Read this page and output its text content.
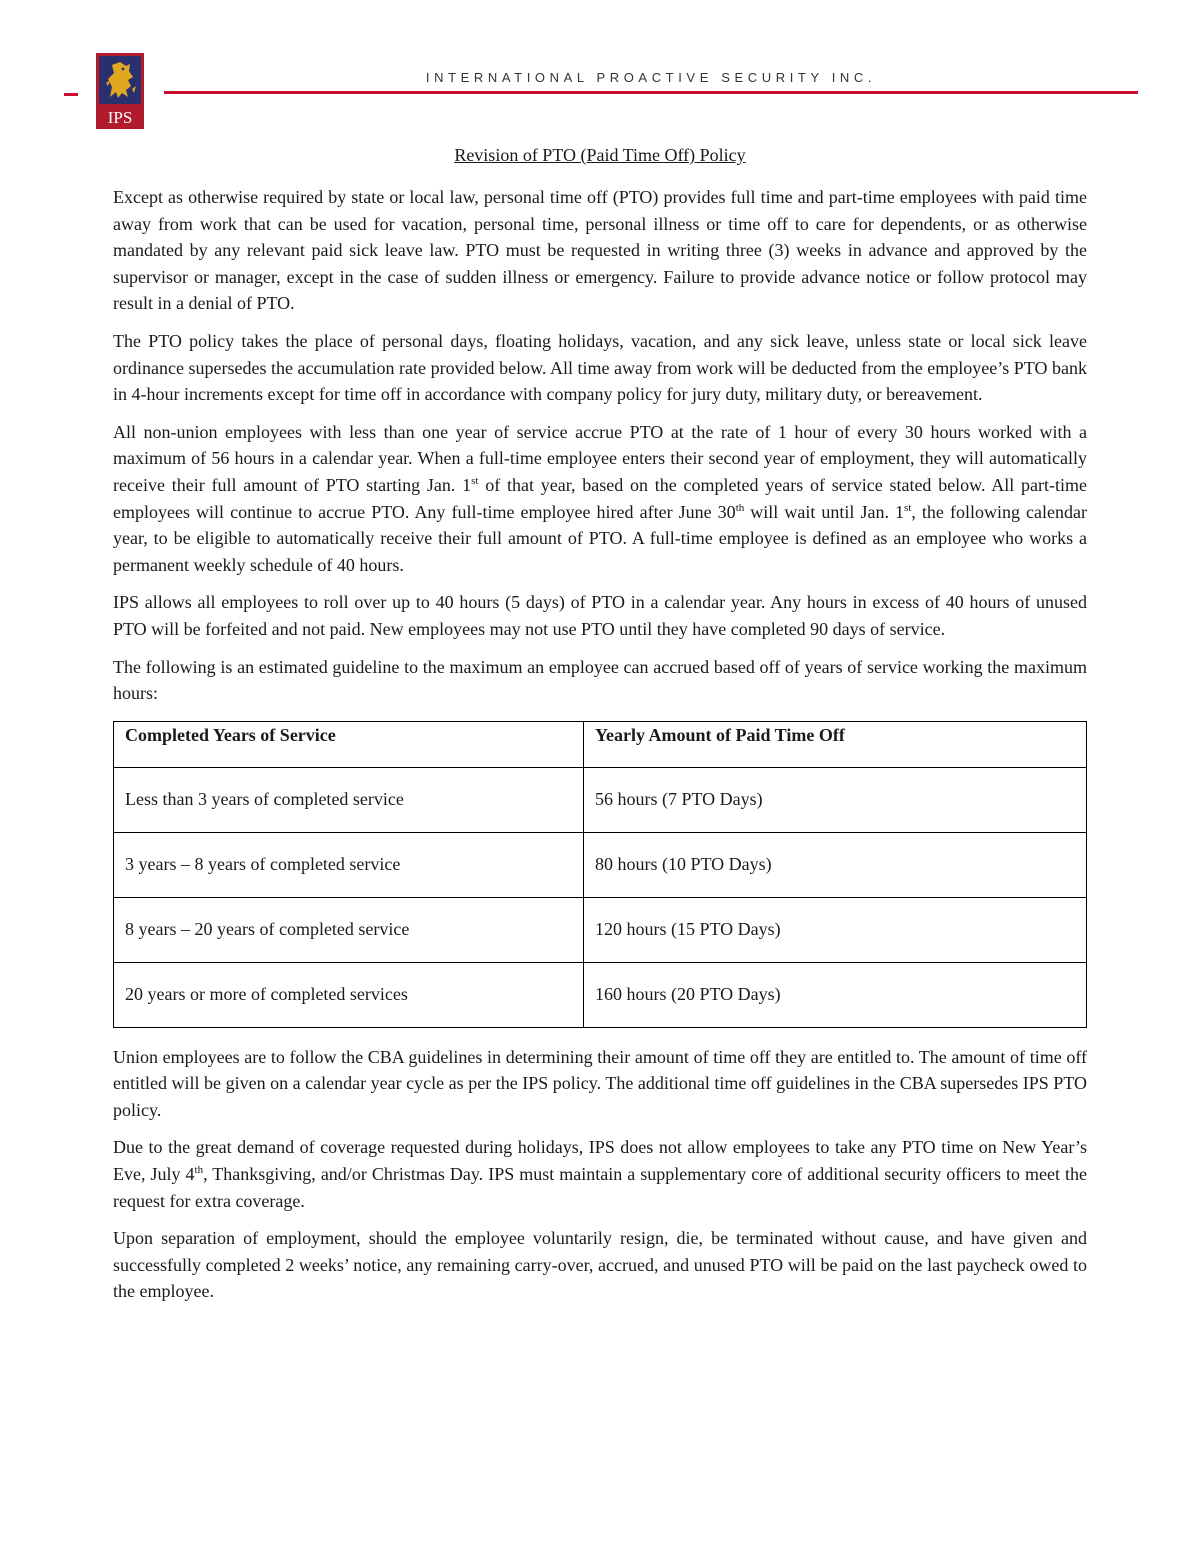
IPS
INTERNATIONAL PROACTIVE SECURITY INC.
Revision of PTO (Paid Time Off) Policy

Except as otherwise required by state or local law, personal time off (PTO) provides full time and part-time employees with paid time away from work that can be used for vacation, personal time, personal illness or time off to care for dependents, or as otherwise mandated by any relevant paid sick leave law. PTO must be requested in writing three (3) weeks in advance and approved by the supervisor or manager, except in the case of sudden illness or emergency. Failure to provide advance notice or follow protocol may result in a denial of PTO.

The PTO policy takes the place of personal days, floating holidays, vacation, and any sick leave, unless state or local sick leave ordinance supersedes the accumulation rate provided below. All time away from work will be deducted from the employee’s PTO bank in 4-hour increments except for time off in accordance with company policy for jury duty, military duty, or bereavement.

All non-union employees with less than one year of service accrue PTO at the rate of 1 hour of every 30 hours worked with a maximum of 56 hours in a calendar year. When a full-time employee enters their second year of employment, they will automatically receive their full amount of PTO starting Jan. 1st of that year, based on the completed years of service stated below. All part-time employees will continue to accrue PTO. Any full-time employee hired after June 30th will wait until Jan. 1st, the following calendar year, to be eligible to automatically receive their full amount of PTO. A full-time employee is defined as an employee who works a permanent weekly schedule of 40 hours.

IPS allows all employees to roll over up to 40 hours (5 days) of PTO in a calendar year. Any hours in excess of 40 hours of unused PTO will be forfeited and not paid. New employees may not use PTO until they have completed 90 days of service.

The following is an estimated guideline to the maximum an employee can accrued based off of years of service working the maximum hours:

Completed Years of Service	Yearly Amount of Paid Time Off
Less than 3 years of completed service	56 hours (7 PTO Days)
3 years – 8 years of completed service	80 hours (10 PTO Days)
8 years – 20 years of completed service	120 hours (15 PTO Days)
20 years or more of completed services	160 hours (20 PTO Days)

Union employees are to follow the CBA guidelines in determining their amount of time off they are entitled to. The amount of time off entitled will be given on a calendar year cycle as per the IPS policy. The additional time off guidelines in the CBA supersedes IPS PTO policy.

Due to the great demand of coverage requested during holidays, IPS does not allow employees to take any PTO time on New Year’s Eve, July 4th, Thanksgiving, and/or Christmas Day. IPS must maintain a supplementary core of additional security officers to meet the request for extra coverage.

Upon separation of employment, should the employee voluntarily resign, die, be terminated without cause, and have given and successfully completed 2 weeks’ notice, any remaining carry-over, accrued, and unused PTO will be paid on the last paycheck owed to the employee.
